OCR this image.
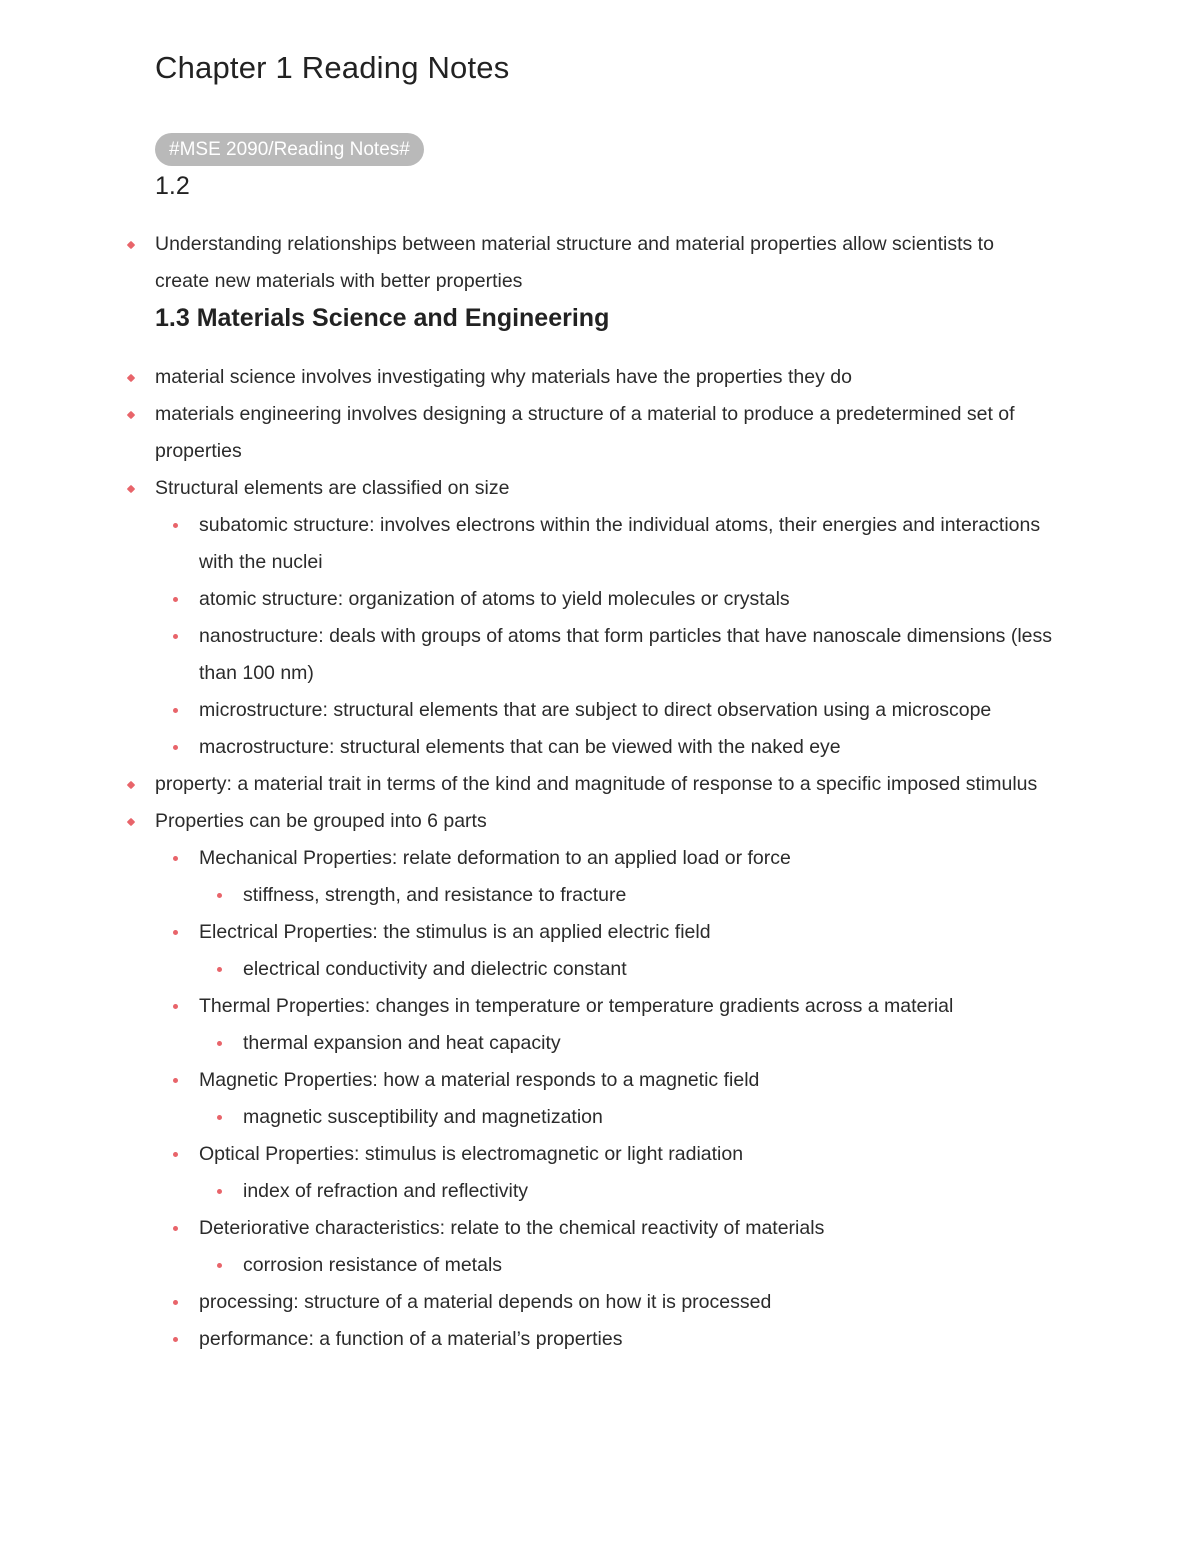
Chapter 1 Reading Notes
#MSE 2090/Reading Notes#
1.2
Understanding relationships between material structure and material properties allow scientists to create new materials with better properties
1.3 Materials Science and Engineering
material science involves investigating why materials have the properties they do
materials engineering involves designing a structure of a material to produce a predetermined set of properties
Structural elements are classified on size
subatomic structure: involves electrons within the individual atoms, their energies and interactions with the nuclei
atomic structure: organization of atoms to yield molecules or crystals
nanostructure: deals with groups of atoms that form particles that have nanoscale dimensions (less than 100 nm)
microstructure: structural elements that are subject to direct observation using a microscope
macrostructure: structural elements that can be viewed with the naked eye
property: a material trait in terms of the kind and magnitude of response to a specific imposed stimulus
Properties can be grouped into 6 parts
Mechanical Properties: relate deformation to an applied load or force
stiffness, strength, and resistance to fracture
Electrical Properties: the stimulus is an applied electric field
electrical conductivity and dielectric constant
Thermal Properties: changes in temperature or temperature gradients across a material
thermal expansion and heat capacity
Magnetic Properties: how a material responds to a magnetic field
magnetic susceptibility and magnetization
Optical Properties: stimulus is electromagnetic or light radiation
index of refraction and reflectivity
Deteriorative characteristics: relate to the chemical reactivity of materials
corrosion resistance of metals
processing: structure of a material depends on how it is processed
performance: a function of a material’s properties
